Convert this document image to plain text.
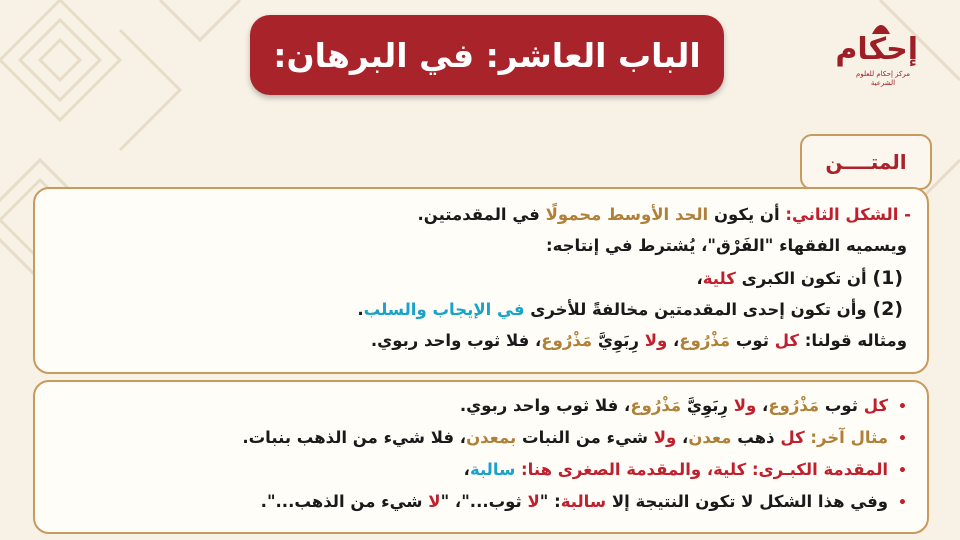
الباب العاشر: في البرهان:	إحكام
مركز إحكام للعلوم الشرعية
المتــــن
- الشكل الثاني: أن يكون الحد الأوسط محمولًا في المقدمتين.
ويسميه الفقهاء "الفَرْق"، يُشترط في إنتاجه:
(1) أن تكون الكبرى كلية،
(2) وأن تكون إحدى المقدمتين مخالفةً للأخرى في الإيجاب والسلب.
ومثاله قولنا: كل ثوب مَذْرُوع، ولا رِبَوِيَّ مَذْرُوع، فلا ثوب واحد ربوي.
•كل ثوب مَذْرُوع، ولا رِبَوِيَّ مَذْرُوع، فلا ثوب واحد ربوي.
•مثال آخر: كل ذهب معدن، ولا شيء من النبات بمعدن، فلا شيء من الذهب بنبات.
•المقدمة الكبـرى: كلية، والمقدمة الصغرى هنا: سالبة،
•وفي هذا الشكل لا تكون النتيجة إلا سالبة: "لا ثوب..."، "لا شيء من الذهب...".
